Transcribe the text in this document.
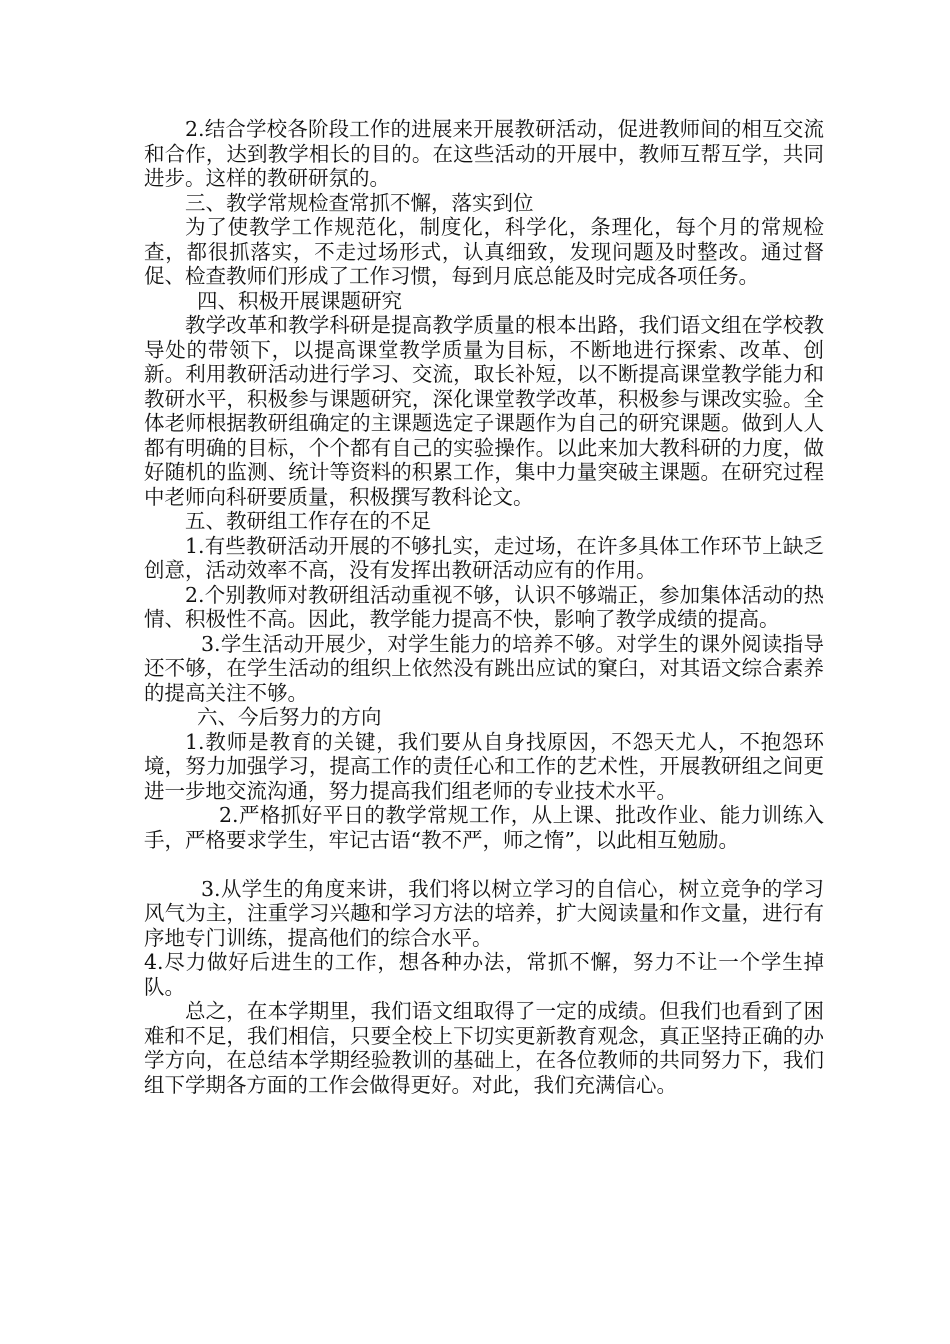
2.结合学校各阶段工作的进展来开展教研活动，促进教师间的相互交流和合作，达到教学相长的目的。在这些活动的开展中，教师互帮互学，共同进步。这样的教研研氛的。

三、教学常规检查常抓不懈，落实到位

为了使教学工作规范化，制度化，科学化，条理化，每个月的常规检查，都很抓落实，不走过场形式，认真细致，发现问题及时整改。通过督促、检查教师们形成了工作习惯，每到月底总能及时完成各项任务。

四、积极开展课题研究

教学改革和教学科研是提高教学质量的根本出路，我们语文组在学校教导处的带领下，以提高课堂教学质量为目标，不断地进行探索、改革、创新。利用教研活动进行学习、交流，取长补短，以不断提高课堂教学能力和教研水平，积极参与课题研究，深化课堂教学改革，积极参与课改实验。全体老师根据教研组确定的主课题选定子课题作为自己的研究课题。做到人人都有明确的目标，个个都有自己的实验操作。以此来加大教科研的力度，做好随机的监测、统计等资料的积累工作，集中力量突破主课题。在研究过程中老师向科研要质量，积极撰写教科论文。

五、教研组工作存在的不足

1.有些教研活动开展的不够扎实，走过场，在许多具体工作环节上缺乏创意，活动效率不高，没有发挥出教研活动应有的作用。

2.个别教师对教研组活动重视不够，认识不够端正，参加集体活动的热情、积极性不高。因此，教学能力提高不快，影响了教学成绩的提高。

3.学生活动开展少，对学生能力的培养不够。对学生的课外阅读指导还不够，在学生活动的组织上依然没有跳出应试的窠臼，对其语文综合素养的提高关注不够。

六、今后努力的方向

1.教师是教育的关键，我们要从自身找原因，不怨天尤人，不抱怨环境，努力加强学习，提高工作的责任心和工作的艺术性，开展教研组之间更进一步地交流沟通，努力提高我们组老师的专业技术水平。

2.严格抓好平日的教学常规工作，从上课、批改作业、能力训练入手，严格要求学生，牢记古语“教不严，师之惰”，以此相互勉励。

3.从学生的角度来讲，我们将以树立学习的自信心，树立竞争的学习风气为主，注重学习兴趣和学习方法的培养，扩大阅读量和作文量，进行有序地专门训练，提高他们的综合水平。

4.尽力做好后进生的工作，想各种办法，常抓不懈，努力不让一个学生掉队。

总之，在本学期里，我们语文组取得了一定的成绩。但我们也看到了困难和不足，我们相信，只要全校上下切实更新教育观念，真正坚持正确的办学方向，在总结本学期经验教训的基础上，在各位教师的共同努力下，我们组下学期各方面的工作会做得更好。对此，我们充满信心。
